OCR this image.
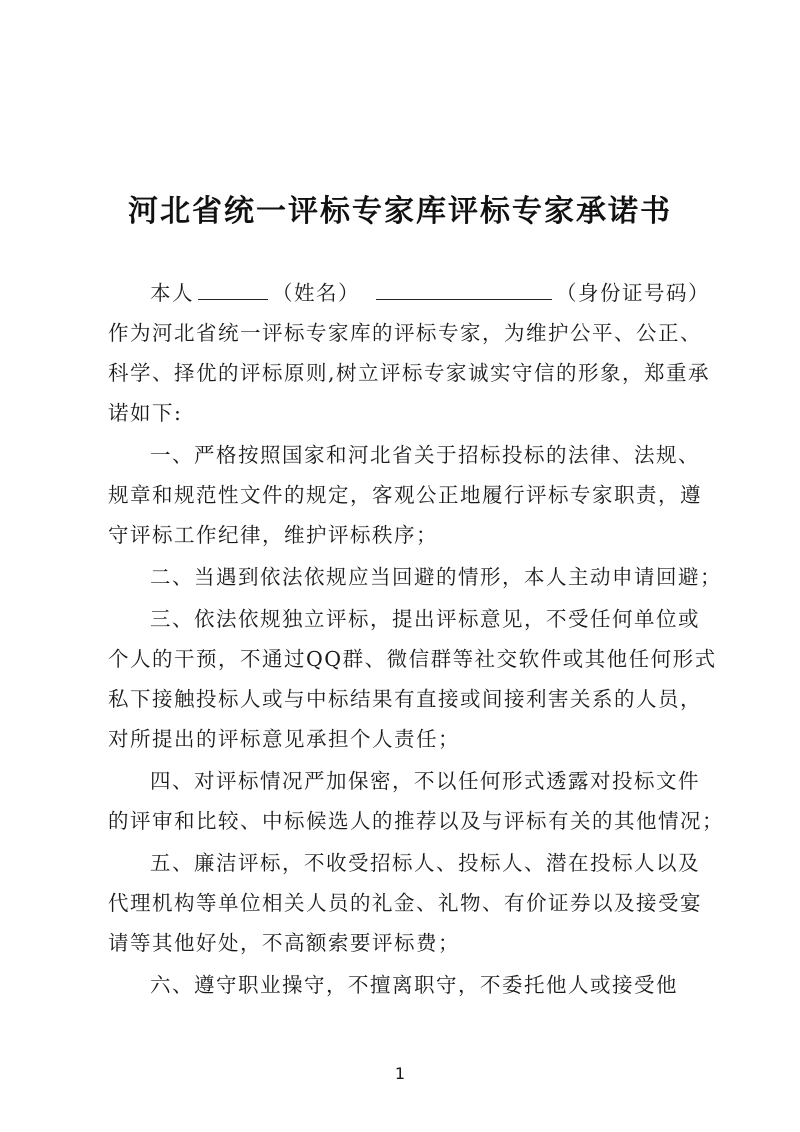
河北省统一评标专家库评标专家承诺书
本人	（姓名）	（身份证号码）
作为河北省统一评标专家库的评标专家，为维护公平、公正、
科学、择优的评标原则,树立评标专家诚实守信的形象，郑重承
诺如下:
一、严格按照国家和河北省关于招标投标的法律、法规、
规章和规范性文件的规定，客观公正地履行评标专家职责，遵
守评标工作纪律，维护评标秩序；
二、当遇到依法依规应当回避的情形，本人主动申请回避；
三、依法依规独立评标，提出评标意见，不受任何单位或
个人的干预，不通过QQ群、微信群等社交软件或其他任何形式
私下接触投标人或与中标结果有直接或间接利害关系的人员，
对所提出的评标意见承担个人责任；
四、对评标情况严加保密，不以任何形式透露对投标文件
的评审和比较、中标候选人的推荐以及与评标有关的其他情况；
五、廉洁评标，不收受招标人、投标人、潜在投标人以及
代理机构等单位相关人员的礼金、礼物、有价证券以及接受宴
请等其他好处，不高额索要评标费；
六、遵守职业操守，不擅离职守，不委托他人或接受他
1
